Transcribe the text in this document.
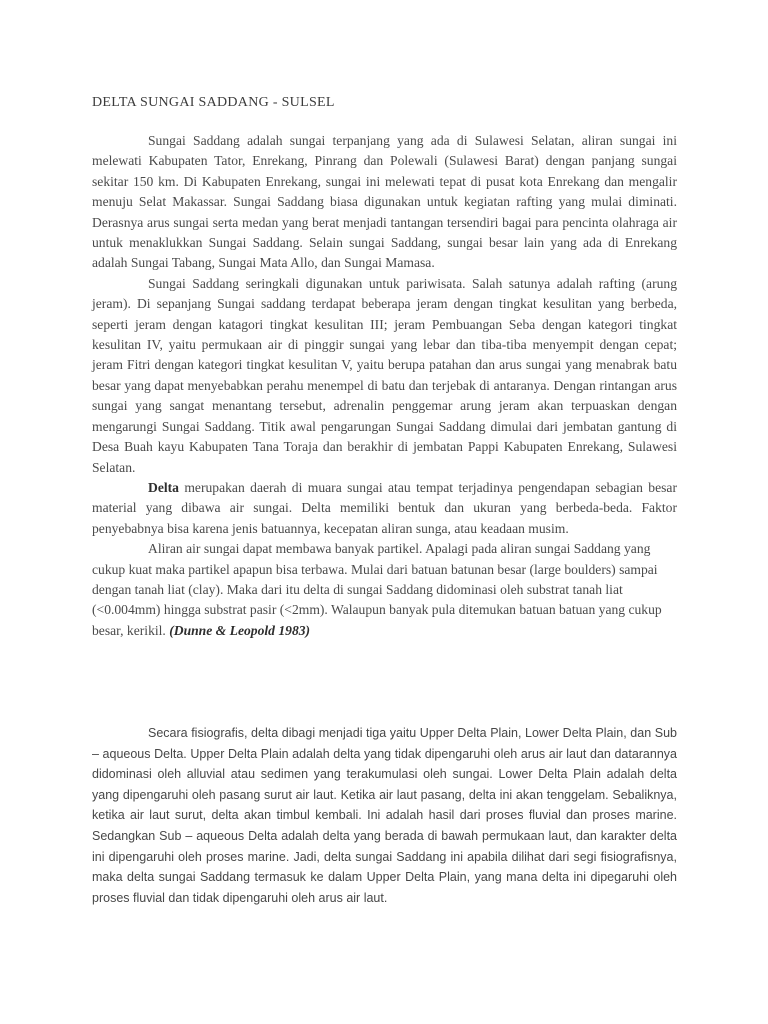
DELTA SUNGAI SADDANG - SULSEL

Sungai Saddang adalah sungai terpanjang yang ada di Sulawesi Selatan, aliran sungai ini melewati Kabupaten Tator, Enrekang, Pinrang dan Polewali (Sulawesi Barat) dengan panjang sungai sekitar 150 km. Di Kabupaten Enrekang, sungai ini melewati tepat di pusat kota Enrekang dan mengalir menuju Selat Makassar. Sungai Saddang biasa digunakan untuk kegiatan rafting yang mulai diminati. Derasnya arus sungai serta medan yang berat menjadi tantangan tersendiri bagai para pencinta olahraga air untuk menaklukkan Sungai Saddang. Selain sungai Saddang, sungai besar lain yang ada di Enrekang adalah Sungai Tabang, Sungai Mata Allo, dan Sungai Mamasa.

Sungai Saddang seringkali digunakan untuk pariwisata. Salah satunya adalah rafting (arung jeram). Di sepanjang Sungai saddang terdapat beberapa jeram dengan tingkat kesulitan yang berbeda, seperti jeram dengan katagori tingkat kesulitan III; jeram Pembuangan Seba dengan kategori tingkat kesulitan IV, yaitu permukaan air di pinggir sungai yang lebar dan tiba-tiba menyempit dengan cepat; jeram Fitri dengan kategori tingkat kesulitan V, yaitu berupa patahan dan arus sungai yang menabrak batu besar yang dapat menyebabkan perahu menempel di batu dan terjebak di antaranya. Dengan rintangan arus sungai yang sangat menantang tersebut, adrenalin penggemar arung jeram akan terpuaskan dengan mengarungi Sungai Saddang. Titik awal pengarungan Sungai Saddang dimulai dari jembatan gantung di Desa Buah kayu Kabupaten Tana Toraja dan berakhir di jembatan Pappi Kabupaten Enrekang, Sulawesi Selatan.

Delta merupakan daerah di muara sungai atau tempat terjadinya pengendapan sebagian besar material yang dibawa air sungai. Delta memiliki bentuk dan ukuran yang berbeda-beda. Faktor penyebabnya bisa karena jenis batuannya, kecepatan aliran sunga, atau keadaan musim.

Aliran air sungai dapat membawa banyak partikel. Apalagi pada aliran sungai Saddang yang cukup kuat maka partikel apapun bisa terbawa. Mulai dari batuan batunan besar (large boulders) sampai dengan tanah liat (clay). Maka dari itu delta di sungai Saddang didominasi oleh substrat tanah liat (<0.004mm) hingga substrat pasir (<2mm). Walaupun banyak pula ditemukan batuan batuan yang cukup besar, kerikil. (Dunne & Leopold 1983)

Secara fisiografis, delta dibagi menjadi tiga yaitu Upper Delta Plain, Lower Delta Plain, dan Sub – aqueous Delta. Upper Delta Plain adalah delta yang tidak dipengaruhi oleh arus air laut dan datarannya didominasi oleh alluvial atau sedimen yang terakumulasi oleh sungai. Lower Delta Plain adalah delta yang dipengaruhi oleh pasang surut air laut. Ketika air laut pasang, delta ini akan tenggelam. Sebaliknya, ketika air laut surut, delta akan timbul kembali. Ini adalah hasil dari proses fluvial dan proses marine. Sedangkan Sub – aqueous Delta adalah delta yang berada di bawah permukaan laut, dan karakter delta ini dipengaruhi oleh proses marine. Jadi, delta sungai Saddang ini apabila dilihat dari segi fisiografisnya, maka delta sungai Saddang termasuk ke dalam Upper Delta Plain, yang mana delta ini dipegaruhi oleh proses fluvial dan tidak dipengaruhi oleh arus air laut.
